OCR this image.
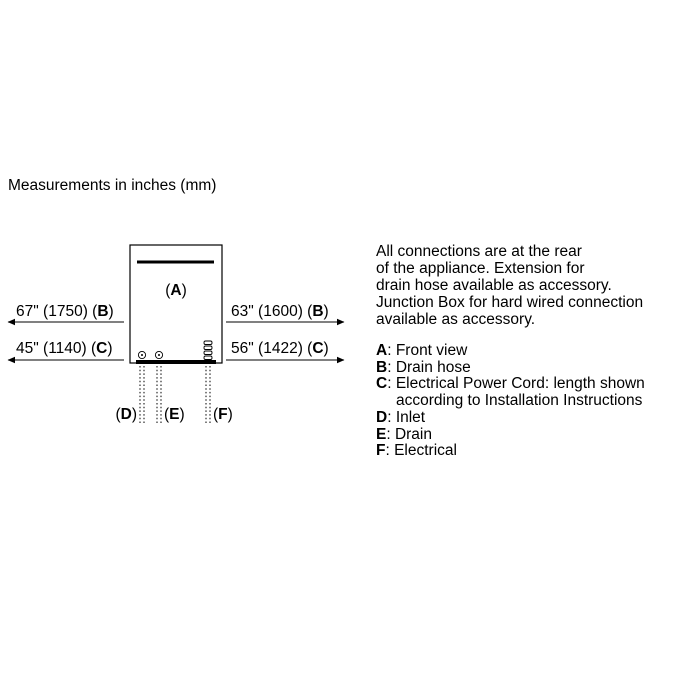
Measurements in inches (mm)
(A)
67" (1750) (B)
45" (1140) (C)
63" (1600) (B)
56" (1422) (C)
(D) (E) (F)

All connections are at the rear

of the appliance. Extension for

drain hose available as accessory.

Junction Box for hard wired connection

available as accessory.

A: Front view
B: Drain hose
C: Electrical Power Cord: length shown
according to Installation Instructions
D: Inlet
E: Drain
F: Electrical
